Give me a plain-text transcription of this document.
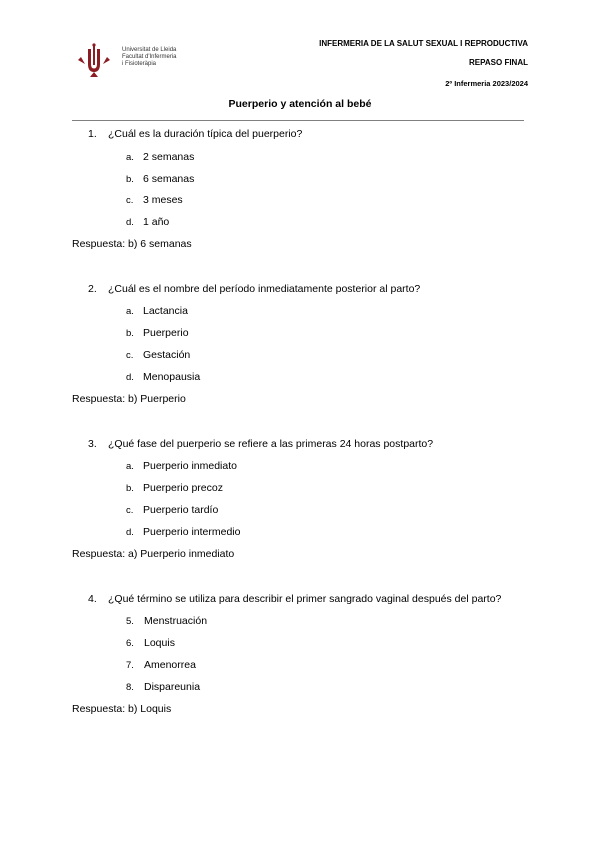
Universitat de Lleida
Facultat d'Infermeria
i Fisioteràpia
INFERMERIA DE LA SALUT SEXUAL I REPRODUCTIVA
REPASO FINAL
2º Infermeria 2023/2024
Puerperio y atención al bebé
1. ¿Cuál es la duración típica del puerperio?
a. 2 semanas
b. 6 semanas
c. 3 meses
d. 1 año
Respuesta: b) 6 semanas
2. ¿Cuál es el nombre del período inmediatamente posterior al parto?
a. Lactancia
b. Puerperio
c. Gestación
d. Menopausia
Respuesta: b) Puerperio
3. ¿Qué fase del puerperio se refiere a las primeras 24 horas postparto?
a. Puerperio inmediato
b. Puerperio precoz
c. Puerperio tardío
d. Puerperio intermedio
Respuesta: a) Puerperio inmediato
4. ¿Qué término se utiliza para describir el primer sangrado vaginal después del parto?
5. Menstruación
6. Loquis
7. Amenorrea
8. Dispareunia
Respuesta: b) Loquis
